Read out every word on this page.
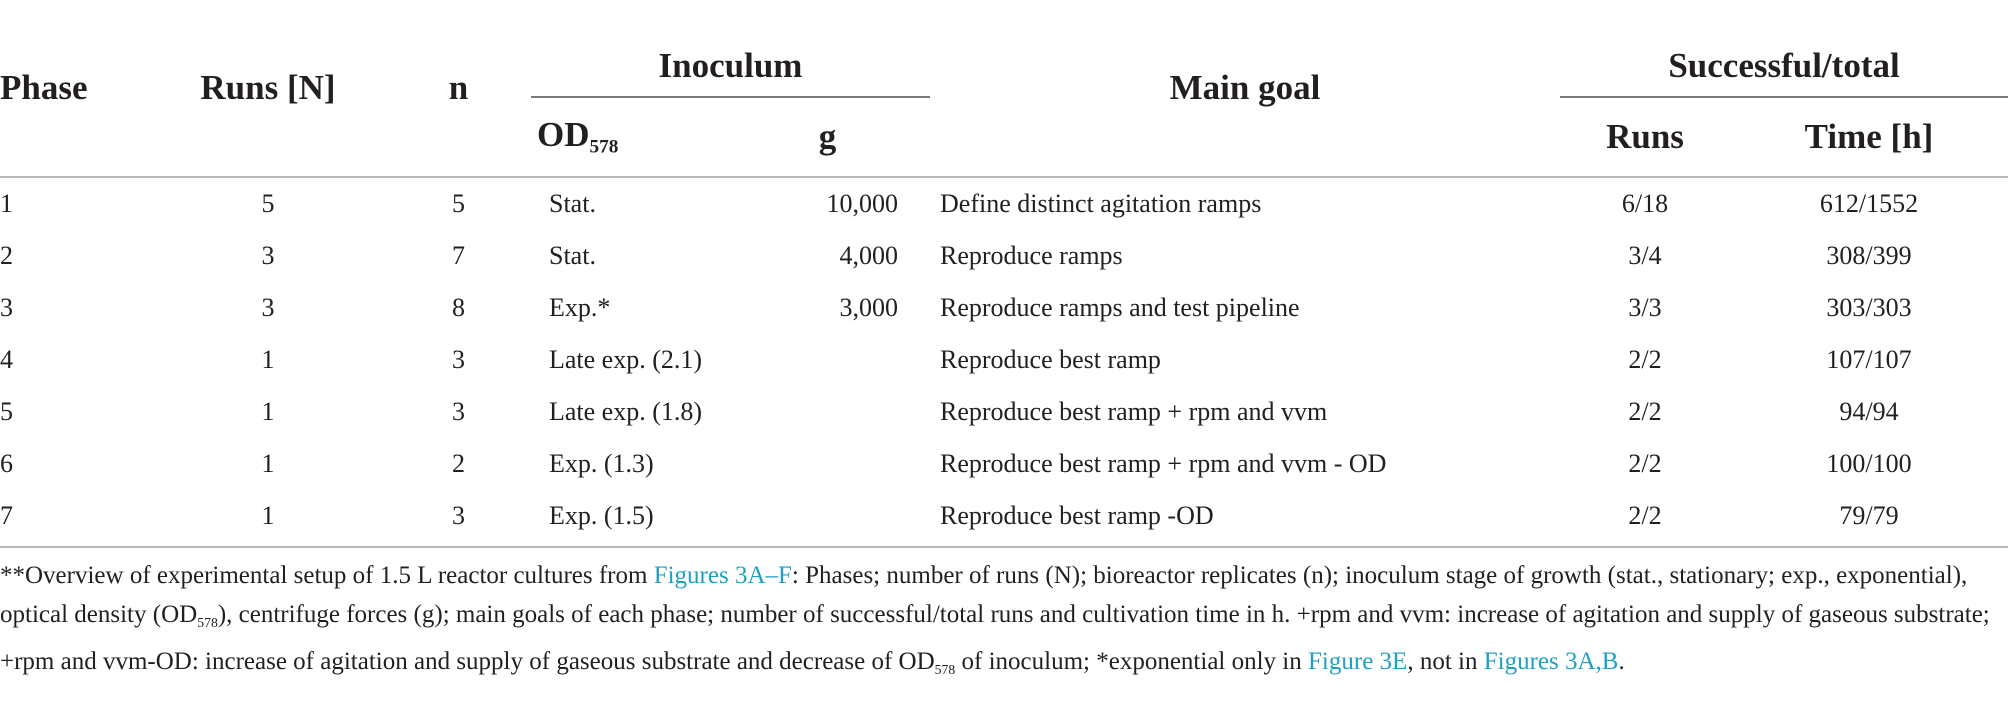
Phase	Runs [N]	n	Inoculum		Main goal	Successful/total	
			$OD_{578}$	g		Runs	Time [h]

1	5	5	Stat.	10,000	Define distinct agitation ramps	6/18	612/1552
2	3	7	Stat.	4,000	Reproduce ramps	3/4	308/399
3	3	8	Exp.*	3,000	Reproduce ramps and test pipeline	3/3	303/303
4	1	3	Late exp. (2.1)		Reproduce best ramp	2/2	107/107
5	1	3	Late exp. (1.8)		Reproduce best ramp + rpm and vvm	2/2	94/94
6	1	2	Exp. (1.3)		Reproduce best ramp + rpm and vvm - OD	2/2	100/100
7	1	3	Exp. (1.5)		Reproduce best ramp -OD	2/2	79/79
**Overview of experimental setup of 1.5 L reactor cultures from Figures 3A–F: Phases; number of runs (N); bioreactor replicates (n); inoculum stage of growth (stat., stationary; exp., exponential), optical density $(OD_{578})$, centrifuge forces (g); main goals of each phase; number of successful/total runs and cultivation time in h. +rpm and vvm: increase of agitation and supply of gaseous substrate; +rpm and vvm-OD: increase of agitation and supply of gaseous substrate and decrease of $OD_{578}$ of inoculum; *exponential only in Figure 3E, not in Figures 3A,B.
